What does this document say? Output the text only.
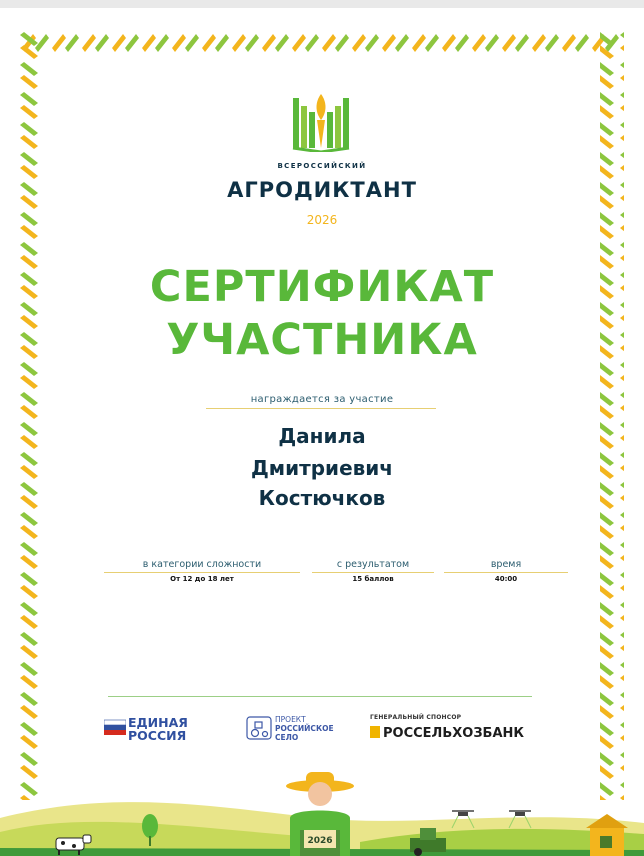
ВСЕРОССИЙСКИЙ
АГРОДИКТАНТ
2026
СЕРТИФИКАТ
УЧАСТНИКА
награждается за участие
Данила
Дмитриевич
Костючков
в категории сложности
От 12 до 18 лет
с результатом
15 баллов
время
40:00
ЕДИНАЯ
РОССИЯ
ПРОЕКТ
РОССИЙСКОЕ
СЕЛО
ГЕНЕРАЛЬНЫЙ СПОНСОР
РОССЕЛЬХОЗБАНК
2026
